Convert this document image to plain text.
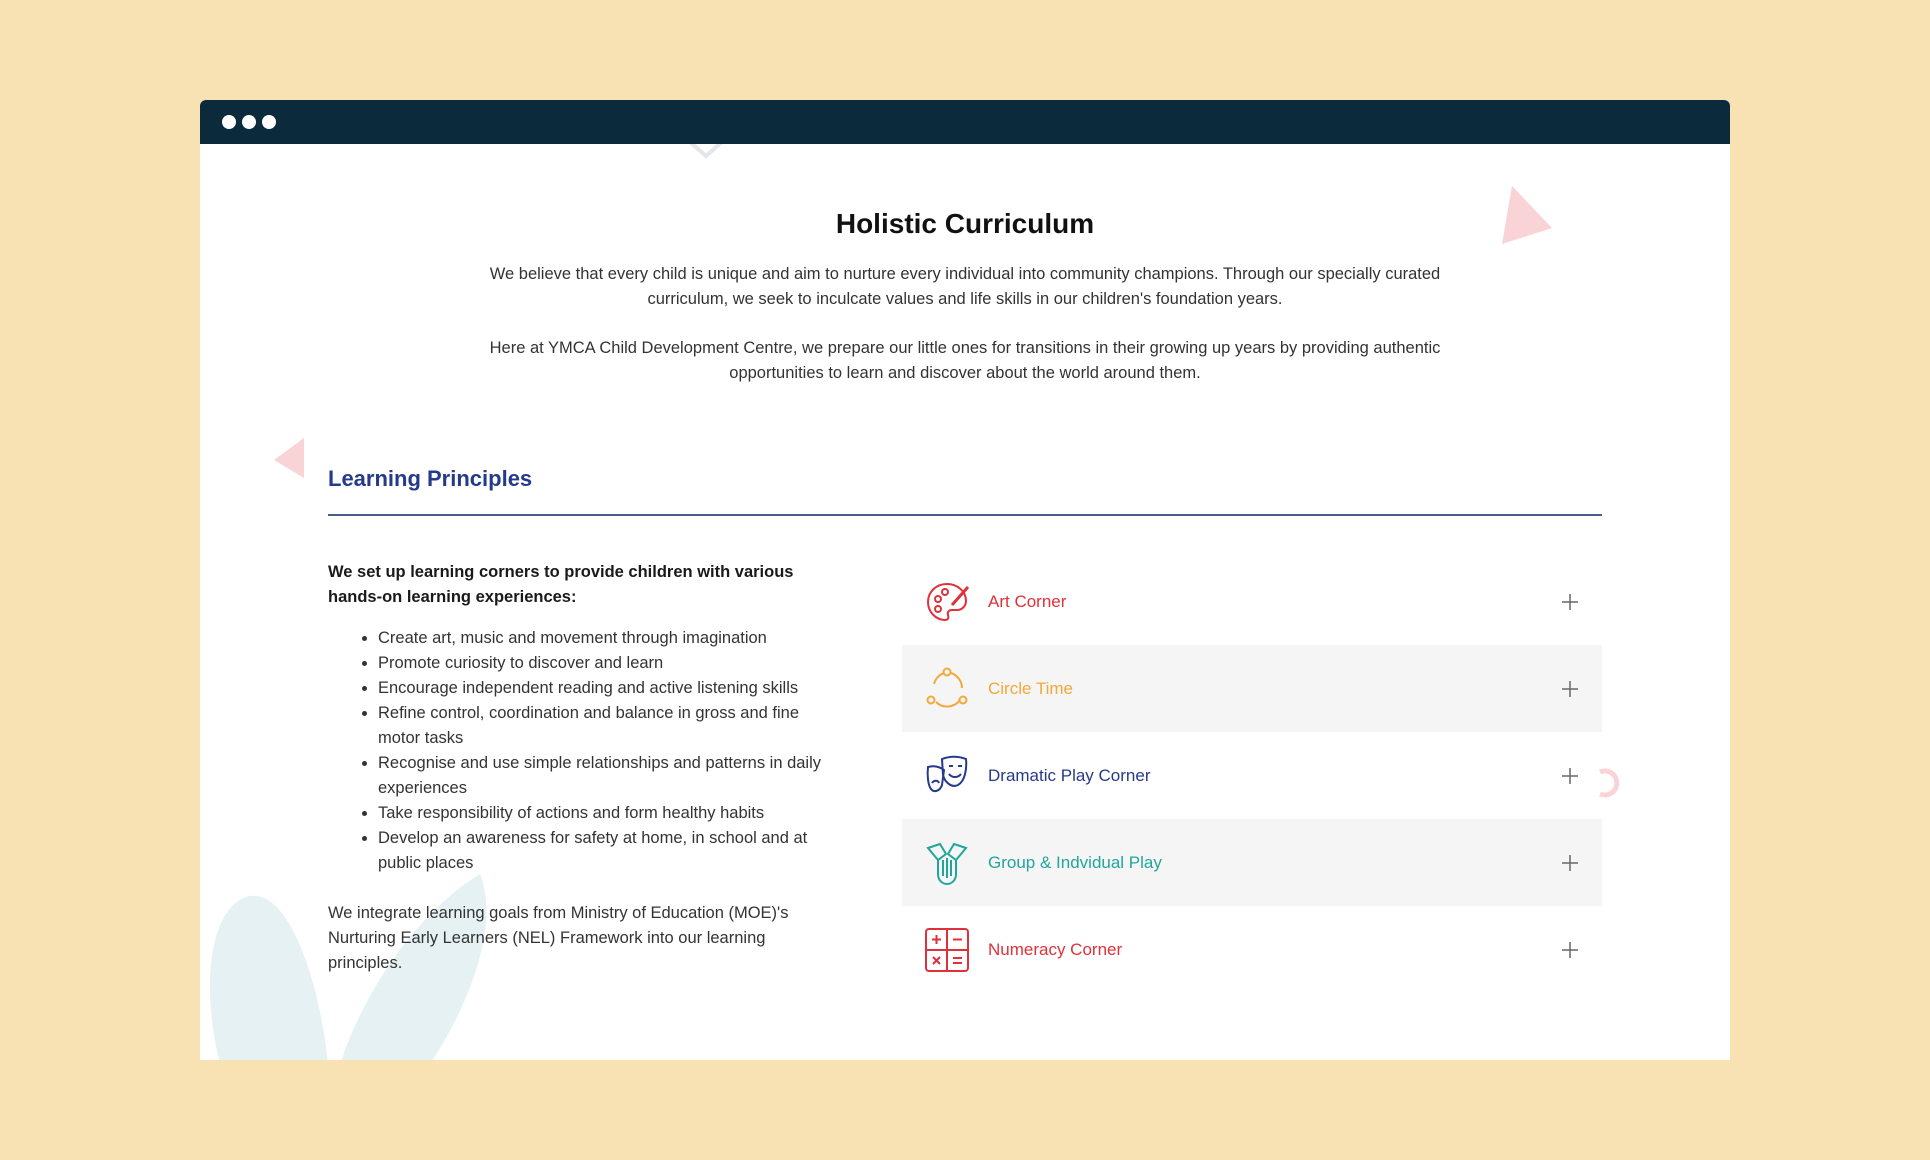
Holistic Curriculum

We believe that every child is unique and aim to nurture every individual into community champions. Through our specially curated curriculum, we seek to inculcate values and life skills in our children's foundation years.

Here at YMCA Child Development Centre, we prepare our little ones for transitions in their growing up years by providing authentic opportunities to learn and discover about the world around them.

Learning Principles

We set up learning corners to provide children with various hands-on learning experiences:

• Create art, music and movement through imagination
• Promote curiosity to discover and learn
• Encourage independent reading and active listening skills
• Refine control, coordination and balance in gross and fine motor tasks
• Recognise and use simple relationships and patterns in daily experiences
• Take responsibility of actions and form healthy habits
• Develop an awareness for safety at home, in school and at public places

We integrate learning goals from Ministry of Education (MOE)'s Nurturing Early Learners (NEL) Framework into our learning principles.

Art Corner
Circle Time
Dramatic Play Corner
Group & Indvidual Play
Numeracy Corner
